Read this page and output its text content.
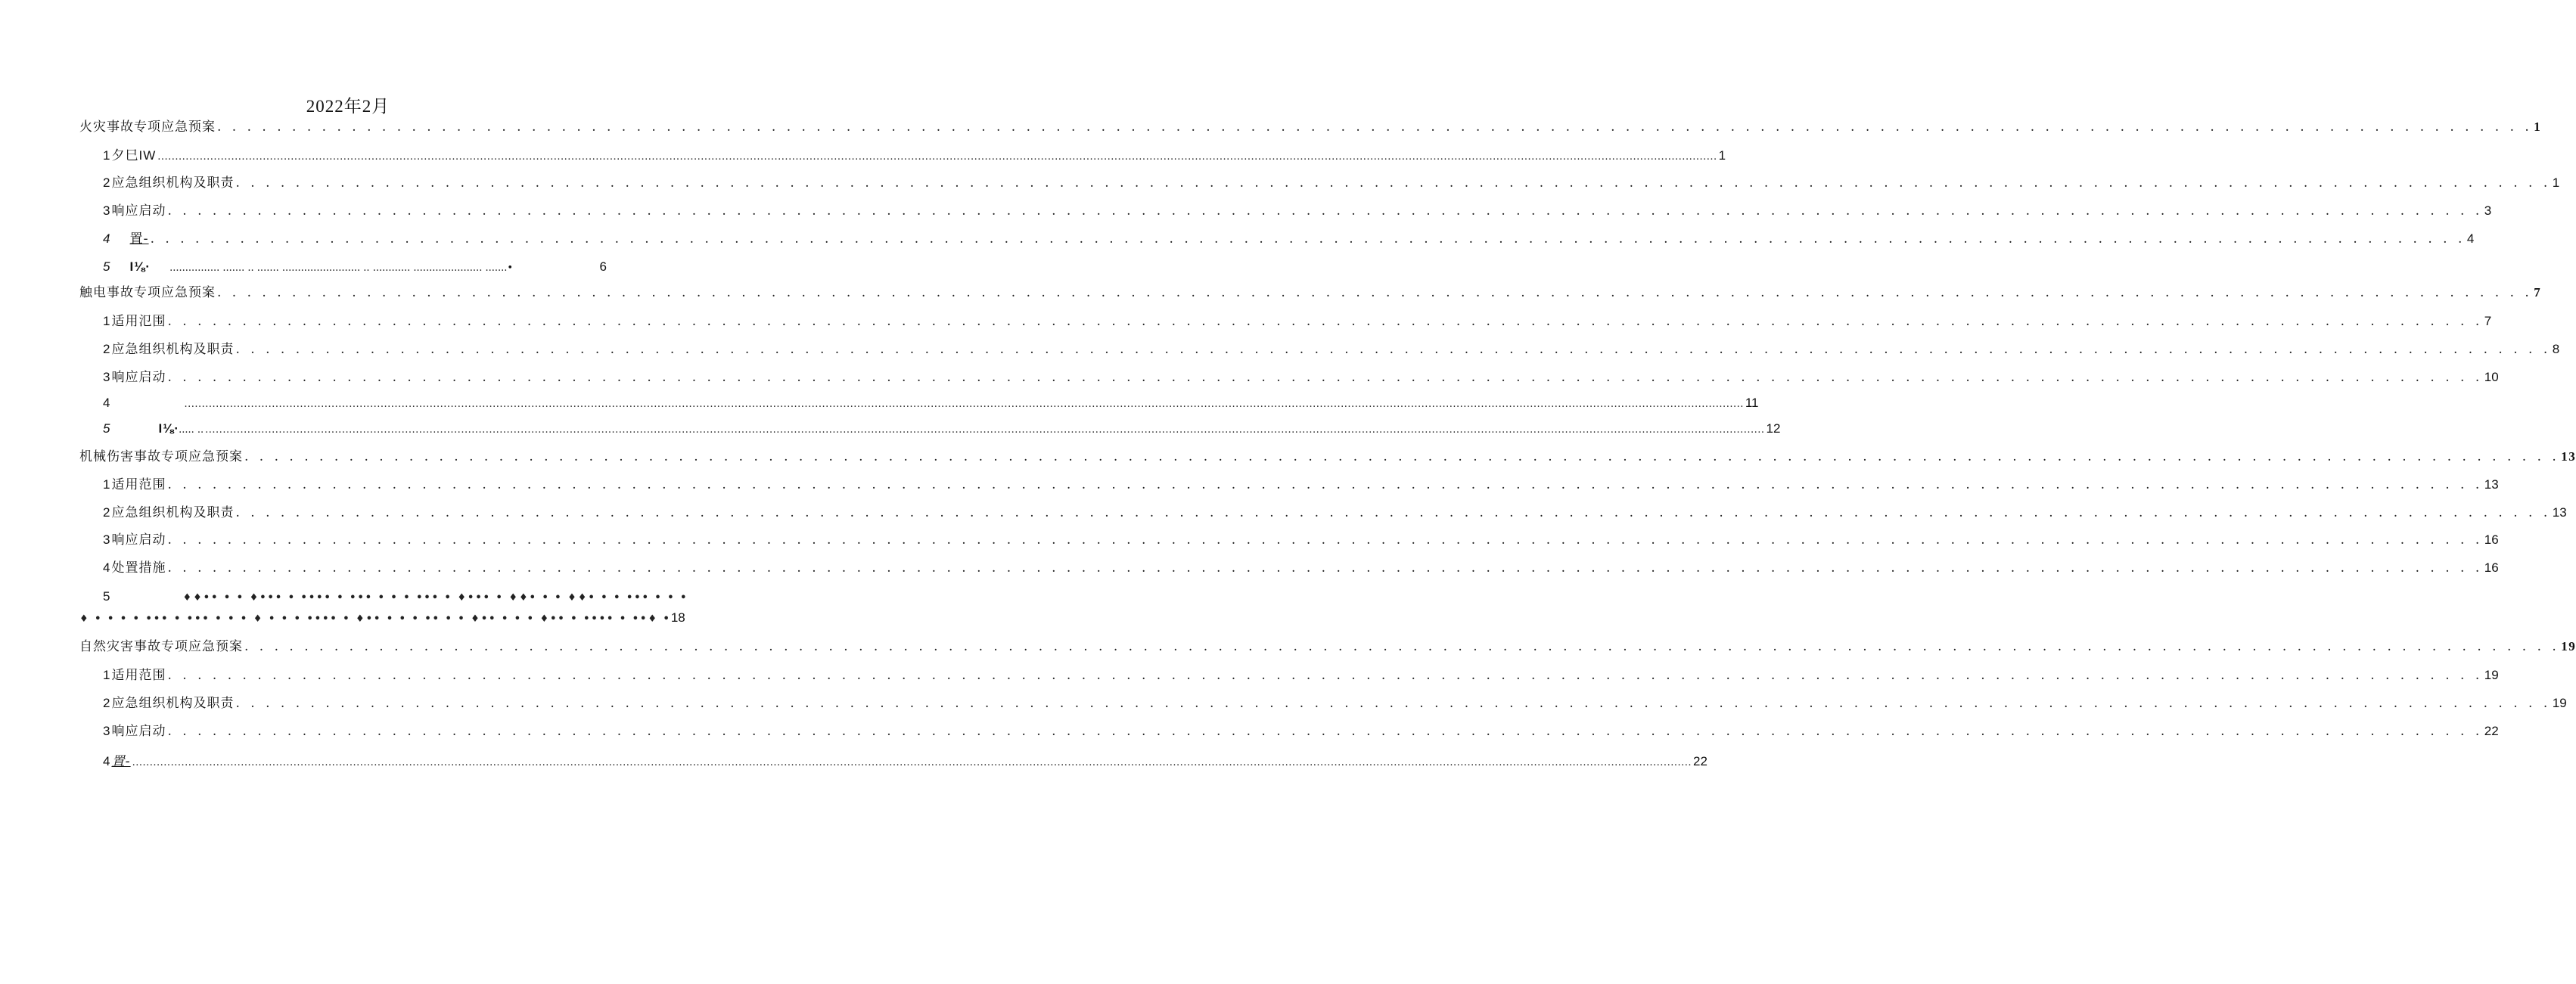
2022年2月
火灾事故专项应急预案 . . .	1
1 夕巳IW .....	1
2 应急组织机构及职责 . . .	1
3 响应启动 . . .	3
4 置- . . .	4
5 I⅛∙ ................ ....... .. ....... ......................... .. ............ ...................... .......•	6
触电事故专项应急预案 . . .	7
1 适用氾围 . . .	7
2 应急组织机构及职责 . . .	8
3 响应启动 . . .	10
4 .....	11
5	I⅛∙ ..... .. .....	12
机械伤害事故专项应急预案 . . .	13
1 适用范围 . . .	13
2 应急组织机构及职责 . . .	13
3 响应启动 . . .	16
4 处置措施 . . .	16
5	♦♦•• • • ♦••• • •••• • ••• • • • ••• • ♦••• • ♦♦• • • ♦♦• • • ••• • • •
♦ • • • • ••• • ••• • • • ♦ • • • •••• • ♦•• • • • •• • • ♦•• • • • ♦•• • •••• • ••♦ • 18
自然灾害事故专项应急预案 . . .	19
1 适用范围 . . .	19
2 应急组织机构及职责 . . .	19
3 响应启动 . . .	22
4 置- .....	22
